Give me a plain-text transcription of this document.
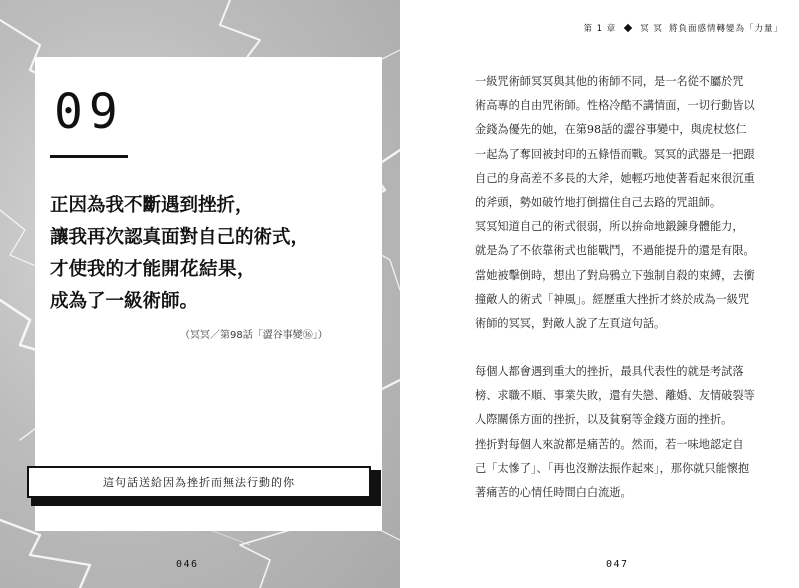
09
正因為我不斷遇到挫折，
讓我再次認真面對自己的術式，
才使我的才能開花結果，
成為了一級術師。
（冥冥／第98話「澀谷事變⑯」）
這句話送給因為挫折而無法行動的你
046
第 1 章	冥 冥 將負面感情轉變為「力量」
一級咒術師冥冥與其他的術師不同，是一名從不屬於咒
術高專的自由咒術師。性格冷酷不講情面，一切行動皆以
金錢為優先的她，在第98話的澀谷事變中，與虎杖悠仁
一起為了奪回被封印的五條悟而戰。冥冥的武器是一把跟
自己的身高差不多長的大斧，她輕巧地使著看起來很沉重
的斧頭，勢如破竹地打倒擋住自己去路的咒詛師。
冥冥知道自己的術式很弱，所以拚命地鍛鍊身體能力，
就是為了不依靠術式也能戰鬥，不過能提升的還是有限。
當她被擊倒時，想出了對烏鴉立下強制自殺的束縛，去衝
撞敵人的術式「神風」。經歷重大挫折才終於成為一級咒
術師的冥冥，對敵人說了左頁這句話。
每個人都會遇到重大的挫折，最具代表性的就是考試落
榜、求職不順、事業失敗，還有失戀、離婚、友情破裂等
人際關係方面的挫折，以及貧窮等金錢方面的挫折。
挫折對每個人來說都是痛苦的。然而，若一味地認定自
己「太慘了」、「再也沒辦法振作起來」，那你就只能懷抱
著痛苦的心情任時間白白流逝。
047
